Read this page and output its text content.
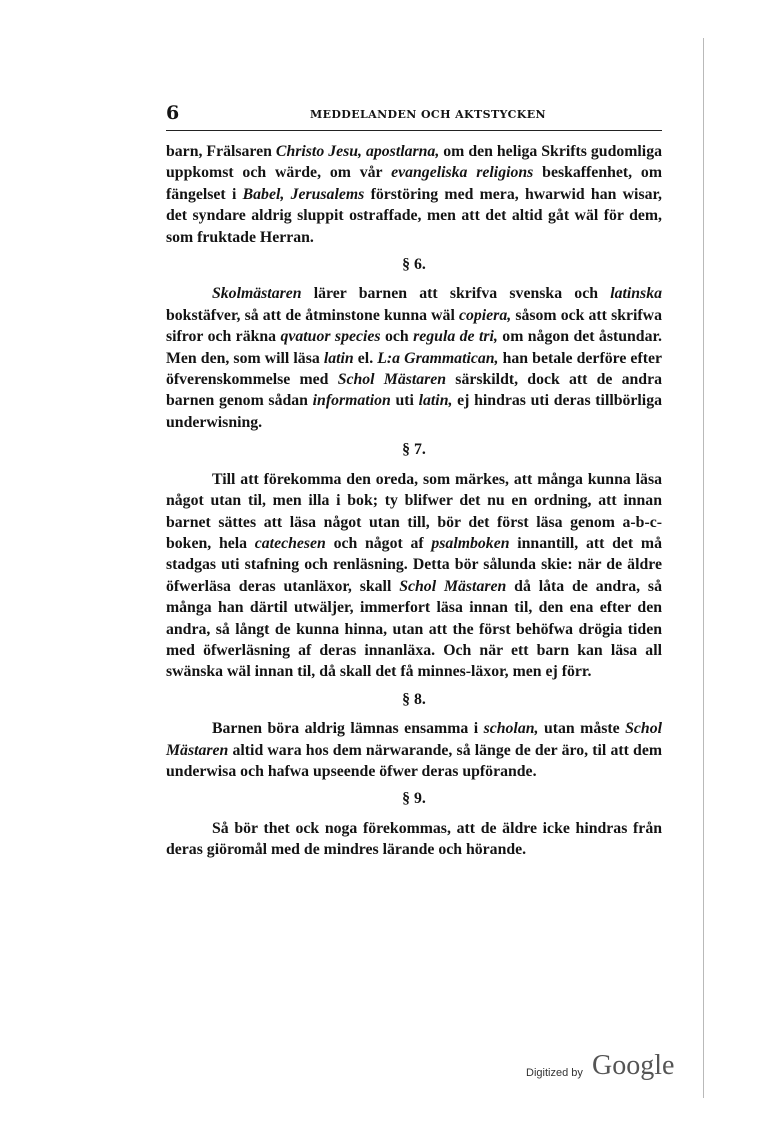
6	MEDDELANDEN OCH AKTSTYCKEN

barn, Frälsaren Christo Jesu, apostlarna, om den heliga Skrifts gudomliga uppkomst och wärde, om vår evangeliska religions beskaffenhet, om fängelset i Babel, Jerusalems förstöring med mera, hwarwid han wisar, det syndare aldrig sluppit ostraffade, men att det altid gåt wäl för dem, som fruktade Herran.

§ 6.

Skolmästaren lärer barnen att skrifva svenska och latinska bokstäfver, så att de åtminstone kunna wäl copiera, såsom ock att skrifwa sifror och räkna qvatuor species och regula de tri, om någon det åstundar. Men den, som will läsa latin el. L:a Grammatican, han betale derföre efter öfverenskommelse med Schol Mästaren särskildt, dock att de andra barnen genom sådan information uti latin, ej hindras uti deras tillbörliga underwisning.

§ 7.

Till att förekomma den oreda, som märkes, att många kunna läsa något utan til, men illa i bok; ty blifwer det nu en ordning, att innan barnet sättes att läsa något utan till, bör det först läsa genom a-b-c-boken, hela catechesen och något af psalmboken innantill, att det må stadgas uti stafning och renläsning. Detta bör sålunda skie: när de äldre öfwerläsa deras utanläxor, skall Schol Mästaren då låta de andra, så många han därtil utwäljer, immerfort läsa innan til, den ena efter den andra, så långt de kunna hinna, utan att the först behöfwa drögia tiden med öfwerläsning af deras innanläxa. Och när ett barn kan läsa all swänska wäl innan til, då skall det få minnes-läxor, men ej förr.

§ 8.

Barnen böra aldrig lämnas ensamma i scholan, utan måste Schol Mästaren altid wara hos dem närwarande, så länge de der äro, til att dem underwisa och hafwa upseende öfwer deras upförande.

§ 9.

Så bör thet ock noga förekommas, att de äldre icke hindras från deras giöromål med de mindres lärande och hörande.

Digitized by Google
